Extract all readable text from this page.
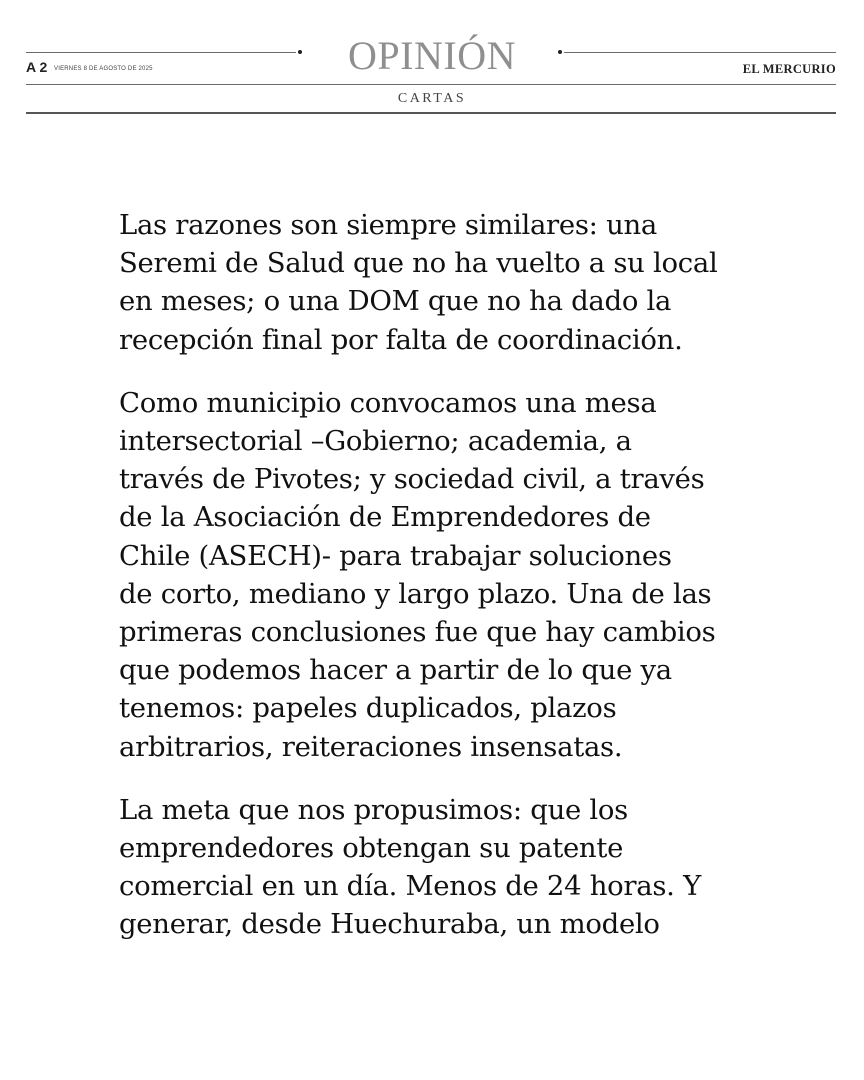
OPINIÓN
A 2 VIERNES 8 DE AGOSTO DE 2025	EL MERCURIO
CARTAS

Las razones son siempre similares: una
Seremi de Salud que no ha vuelto a su local
en meses; o una DOM que no ha dado la
recepción final por falta de coordinación.

Como municipio convocamos una mesa
intersectorial –Gobierno; academia, a
través de Pivotes; y sociedad civil, a través
de la Asociación de Emprendedores de
Chile (ASECH)- para trabajar soluciones
de corto, mediano y largo plazo. Una de las
primeras conclusiones fue que hay cambios
que podemos hacer a partir de lo que ya
tenemos: papeles duplicados, plazos
arbitrarios, reiteraciones insensatas.

La meta que nos propusimos: que los
emprendedores obtengan su patente
comercial en un día. Menos de 24 horas. Y
generar, desde Huechuraba, un modelo
